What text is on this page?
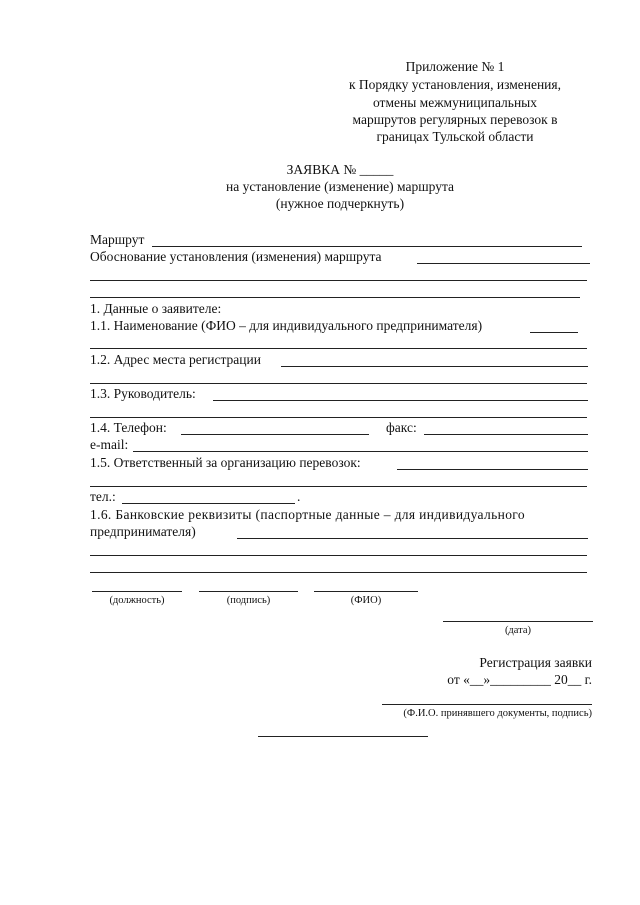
Приложение № 1
к Порядку установления, изменения,
отмены межмуниципальных
маршрутов регулярных перевозок в
границах Тульской области
ЗАЯВКА № _____
на установление (изменение) маршрута
(нужное подчеркнуть)
Маршрут
Обоснование установления (изменения) маршрута
1. Данные о заявителе:
1.1. Наименование (ФИО – для индивидуального предпринимателя)
1.2. Адрес места регистрации
1.3. Руководитель:
1.4. Телефон:	факс:
e-mail:
1.5. Ответственный за организацию перевозок:
тел.:	.
1.6. Банковские реквизиты (паспортные данные – для индивидуального
предпринимателя)
(должность)	(подпись)	(ФИО)
(дата)
Регистрация заявки
от «__»_________ 20__ г.
(Ф.И.О. принявшего документы, подпись)
